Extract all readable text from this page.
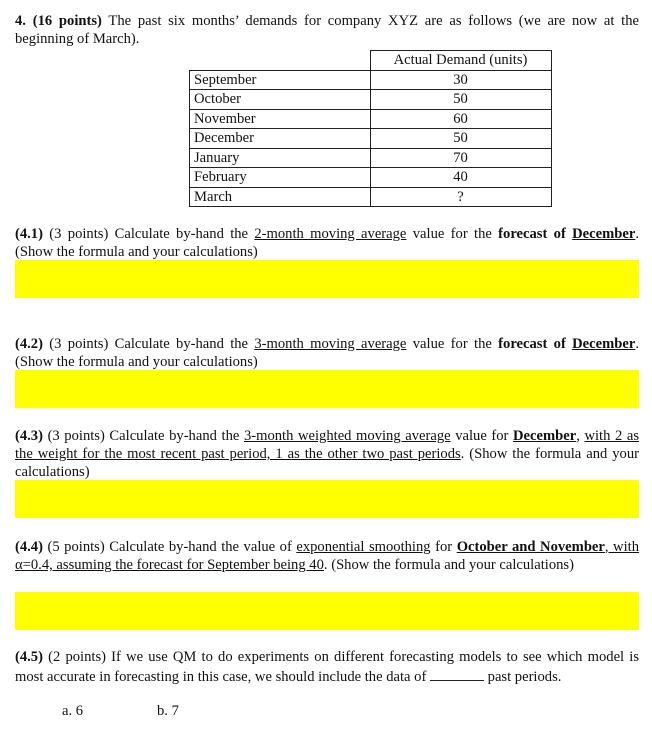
4. (16 points) The past six months’ demands for company XYZ are as follows (we are now at the beginning of March).
	Actual Demand (units)
September	30
October	50
November	60
December	50
January	70
February	40
March	?
(4.1) (3 points) Calculate by-hand the 2-month moving average value for the forecast of December. (Show the formula and your calculations)
(4.2) (3 points) Calculate by-hand the 3-month moving average value for the forecast of December. (Show the formula and your calculations)
(4.3) (3 points) Calculate by-hand the 3-month weighted moving average value for December, with 2 as the weight for the most recent past period, 1 as the other two past periods. (Show the formula and your calculations)
(4.4) (5 points) Calculate by-hand the value of exponential smoothing for October and November, with α=0.4, assuming the forecast for September being 40. (Show the formula and your calculations)
(4.5) (2 points) If we use QM to do experiments on different forecasting models to see which model is most accurate in forecasting in this case, we should include the data of	past periods.
a. 6	b. 7
